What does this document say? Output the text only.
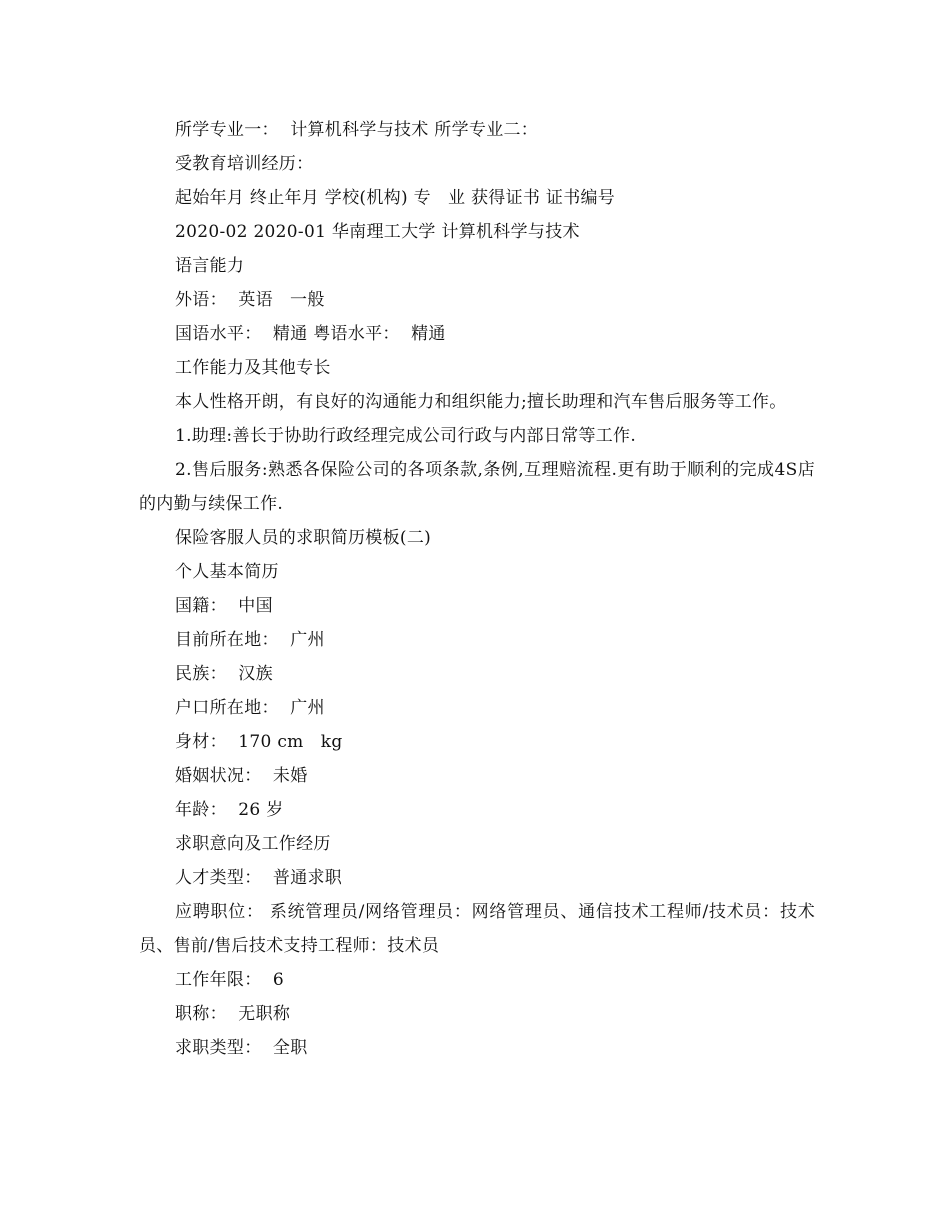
所学专业一：  计算机科学与技术 所学专业二：
受教育培训经历：
起始年月 终止年月 学校(机构) 专   业 获得证书 证书编号
2020-02 2020-01 华南理工大学 计算机科学与技术
语言能力
外语：  英语   一般
国语水平：  精通 粤语水平：  精通
工作能力及其他专长
本人性格开朗，有良好的沟通能力和组织能力;擅长助理和汽车售后服务等工作。
1.助理:善长于协助行政经理完成公司行政与内部日常等工作.
2.售后服务:熟悉各保险公司的各项条款,条例,互理赔流程.更有助于顺利的完成4S店的内勤与续保工作.
保险客服人员的求职简历模板(二)
个人基本简历
国籍：  中国
目前所在地：  广州
民族：  汉族
户口所在地：  广州
身材：  170 cm   kg
婚姻状况：  未婚
年龄：  26 岁
求职意向及工作经历
人才类型：  普通求职
应聘职位： 系统管理员/网络管理员：网络管理员、通信技术工程师/技术员：技术员、售前/售后技术支持工程师：技术员
工作年限：  6
职称：  无职称
求职类型：  全职
